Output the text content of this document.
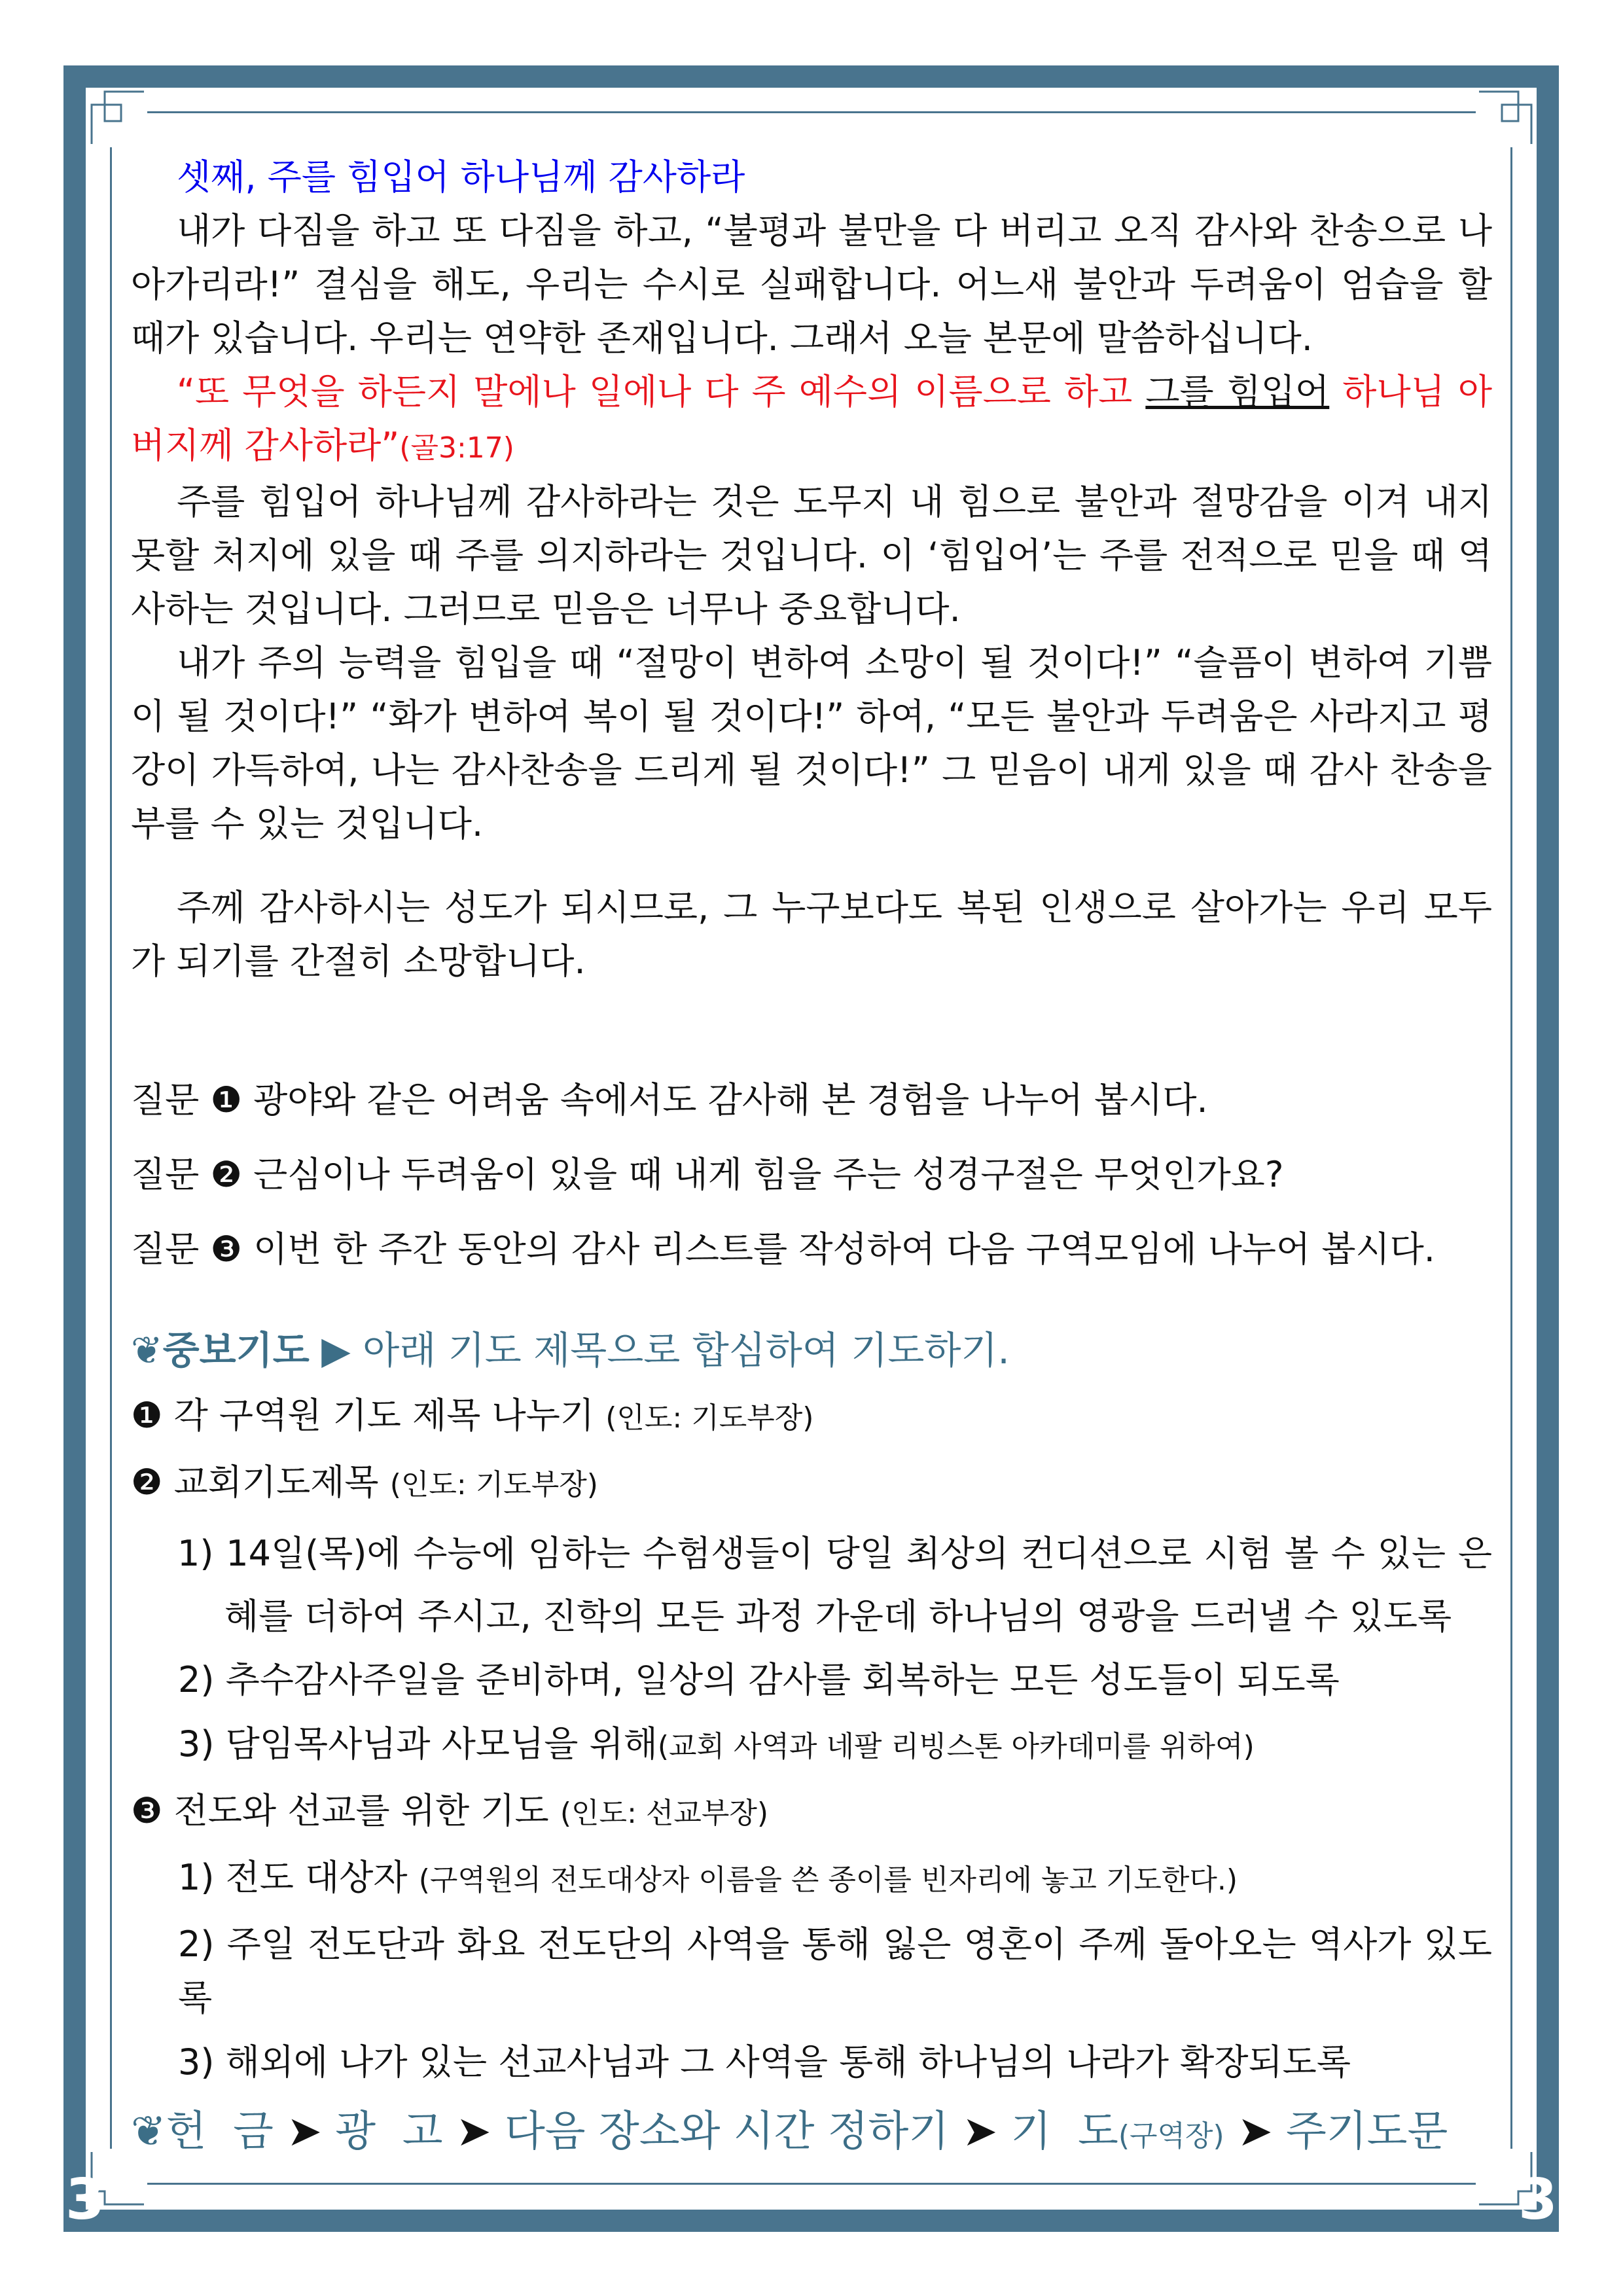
3	3

셋째, 주를 힘입어 하나님께 감사하라

내가 다짐을 하고 또 다짐을 하고, “불평과 불만을 다 버리고 오직 감사와 찬송으로 나아가리라!” 결심을 해도, 우리는 수시로 실패합니다. 어느새 불안과 두려움이 엄습을 할 때가 있습니다. 우리는 연약한 존재입니다. 그래서 오늘 본문에 말씀하십니다.

“또 무엇을 하든지 말에나 일에나 다 주 예수의 이름으로 하고 그를 힘입어 하나님 아버지께 감사하라”(골3:17)

주를 힘입어 하나님께 감사하라는 것은 도무지 내 힘으로 불안과 절망감을 이겨 내지 못할 처지에 있을 때 주를 의지하라는 것입니다. 이 ‘힘입어’는 주를 전적으로 믿을 때 역사하는 것입니다. 그러므로 믿음은 너무나 중요합니다.

내가 주의 능력을 힘입을 때 “절망이 변하여 소망이 될 것이다!” “슬픔이 변하여 기쁨이 될 것이다!” “화가 변하여 복이 될 것이다!” 하여, “모든 불안과 두려움은 사라지고 평강이 가득하여, 나는 감사찬송을 드리게 될 것이다!” 그 믿음이 내게 있을 때 감사 찬송을 부를 수 있는 것입니다.

주께 감사하시는 성도가 되시므로, 그 누구보다도 복된 인생으로 살아가는 우리 모두가 되기를 간절히 소망합니다.

질문 ❶ 광야와 같은 어려움 속에서도 감사해 본 경험을 나누어 봅시다.

질문 ❷ 근심이나 두려움이 있을 때 내게 힘을 주는 성경구절은 무엇인가요?

질문 ❸ 이번 한 주간 동안의 감사 리스트를 작성하여 다음 구역모임에 나누어 봅시다.

❦중보기도 ▶ 아래 기도 제목으로 합심하여 기도하기.

❶ 각 구역원 기도 제목 나누기 (인도: 기도부장)

❷ 교회기도제목 (인도: 기도부장)

1) 14일(목)에 수능에 임하는 수험생들이 당일 최상의 컨디션으로 시험 볼 수 있는 은혜를 더하여 주시고, 진학의 모든 과정 가운데 하나님의 영광을 드러낼 수 있도록

2) 추수감사주일을 준비하며, 일상의 감사를 회복하는 모든 성도들이 되도록

3) 담임목사님과 사모님을 위해(교회 사역과 네팔 리빙스톤 아카데미를 위하여)

❸ 전도와 선교를 위한 기도 (인도: 선교부장)

1) 전도 대상자 (구역원의 전도대상자 이름을 쓴 종이를 빈자리에 놓고 기도한다.)

2) 주일 전도단과 화요 전도단의 사역을 통해 잃은 영혼이 주께 돌아오는 역사가 있도록

3) 해외에 나가 있는 선교사님과 그 사역을 통해 하나님의 나라가 확장되도록

❦헌  금 ➤ 광  고 ➤ 다음 장소와 시간 정하기 ➤ 기  도(구역장) ➤ 주기도문
